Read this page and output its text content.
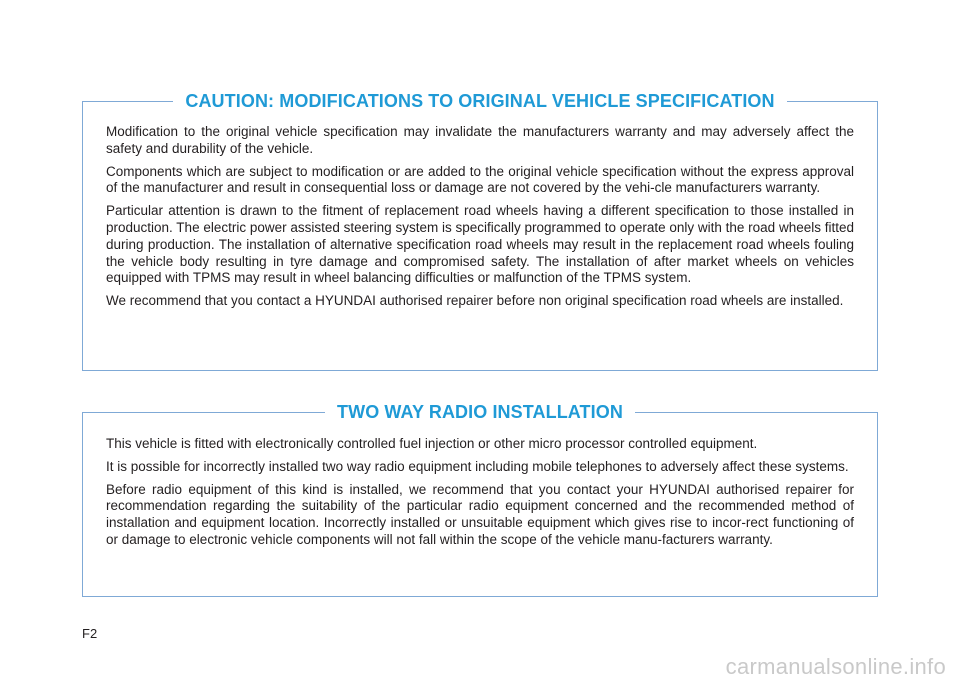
CAUTION: MODIFICATIONS TO ORIGINAL VEHICLE SPECIFICATION

Modification to the original vehicle specification may invalidate the manufacturers warranty and may adversely affect the safety and durability of the vehicle.

Components which are subject to modification or are added to the original vehicle specification without the express approval of the manufacturer and result in consequential loss or damage are not covered by the vehi-cle manufacturers warranty.

Particular attention is drawn to the fitment of replacement road wheels having a different specification to those installed in production. The electric power assisted steering system is specifically programmed to operate only with the road wheels fitted during production. The installation of alternative specification road wheels may result in the replacement road wheels fouling the vehicle body resulting in tyre damage and compromised safety. The installation of after market wheels on vehicles equipped with TPMS may result in wheel balancing difficulties or malfunction of the TPMS system.

We recommend that you contact a HYUNDAI authorised repairer before non original specification road wheels are installed.

TWO WAY RADIO INSTALLATION

This vehicle is fitted with electronically controlled fuel injection or other micro processor controlled equipment.

It is possible for incorrectly installed two way radio equipment including mobile telephones to adversely affect these systems.

Before radio equipment of this kind is installed, we recommend that you contact your HYUNDAI authorised repairer for recommendation regarding the suitability of the particular radio equipment concerned and the recommended method of installation and equipment location. Incorrectly installed or unsuitable equipment which gives rise to incor-rect functioning of or damage to electronic vehicle components will not fall within the scope of the vehicle manu-facturers warranty.

F2
carmanualsonline.info
